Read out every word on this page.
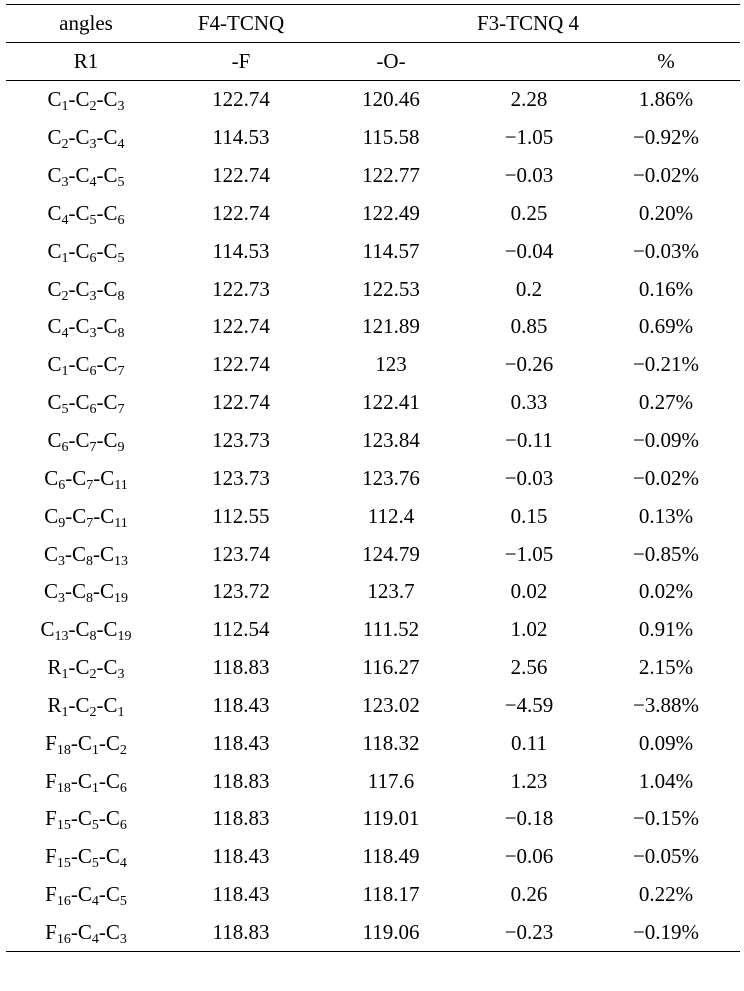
angles	F4-TCNQ	F3-TCNQ 4		
R1	-F	-O-		%
$C_1-C_2-C_3$	122.74	120.46	2.28	1.86%
$C_2-C_3-C_4$	114.53	115.58	−1.05	−0.92%
$C_3-C_4-C_5$	122.74	122.77	−0.03	−0.02%
$C_4-C_5-C_6$	122.74	122.49	0.25	0.20%
$C_1-C_6-C_5$	114.53	114.57	−0.04	−0.03%
$C_2-C_3-C_8$	122.73	122.53	0.2	0.16%
$C_4-C_3-C_8$	122.74	121.89	0.85	0.69%
$C_1-C_6-C_7$	122.74	123	−0.26	−0.21%
$C_5-C_6-C_7$	122.74	122.41	0.33	0.27%
$C_6-C_7-C_9$	123.73	123.84	−0.11	−0.09%
$C_6-C_7-C_{11}$	123.73	123.76	−0.03	−0.02%
$C_9-C_7-C_{11}$	112.55	112.4	0.15	0.13%
$C_3-C_8-C_{13}$	123.74	124.79	−1.05	−0.85%
$C_3-C_8-C_{19}$	123.72	123.7	0.02	0.02%
$C_{13}-C_8-C_{19}$	112.54	111.52	1.02	0.91%
$R_1-C_2-C_3$	118.83	116.27	2.56	2.15%
$R_1-C_2-C_1$	118.43	123.02	−4.59	−3.88%
$F_{18}-C_1-C_2$	118.43	118.32	0.11	0.09%
$F_{18}-C_1-C_6$	118.83	117.6	1.23	1.04%
$F_{15}-C_5-C_6$	118.83	119.01	−0.18	−0.15%
$F_{15}-C_5-C_4$	118.43	118.49	−0.06	−0.05%
$F_{16}-C_4-C_5$	118.43	118.17	0.26	0.22%
$F_{16}-C_4-C_3$	118.83	119.06	−0.23	−0.19%
